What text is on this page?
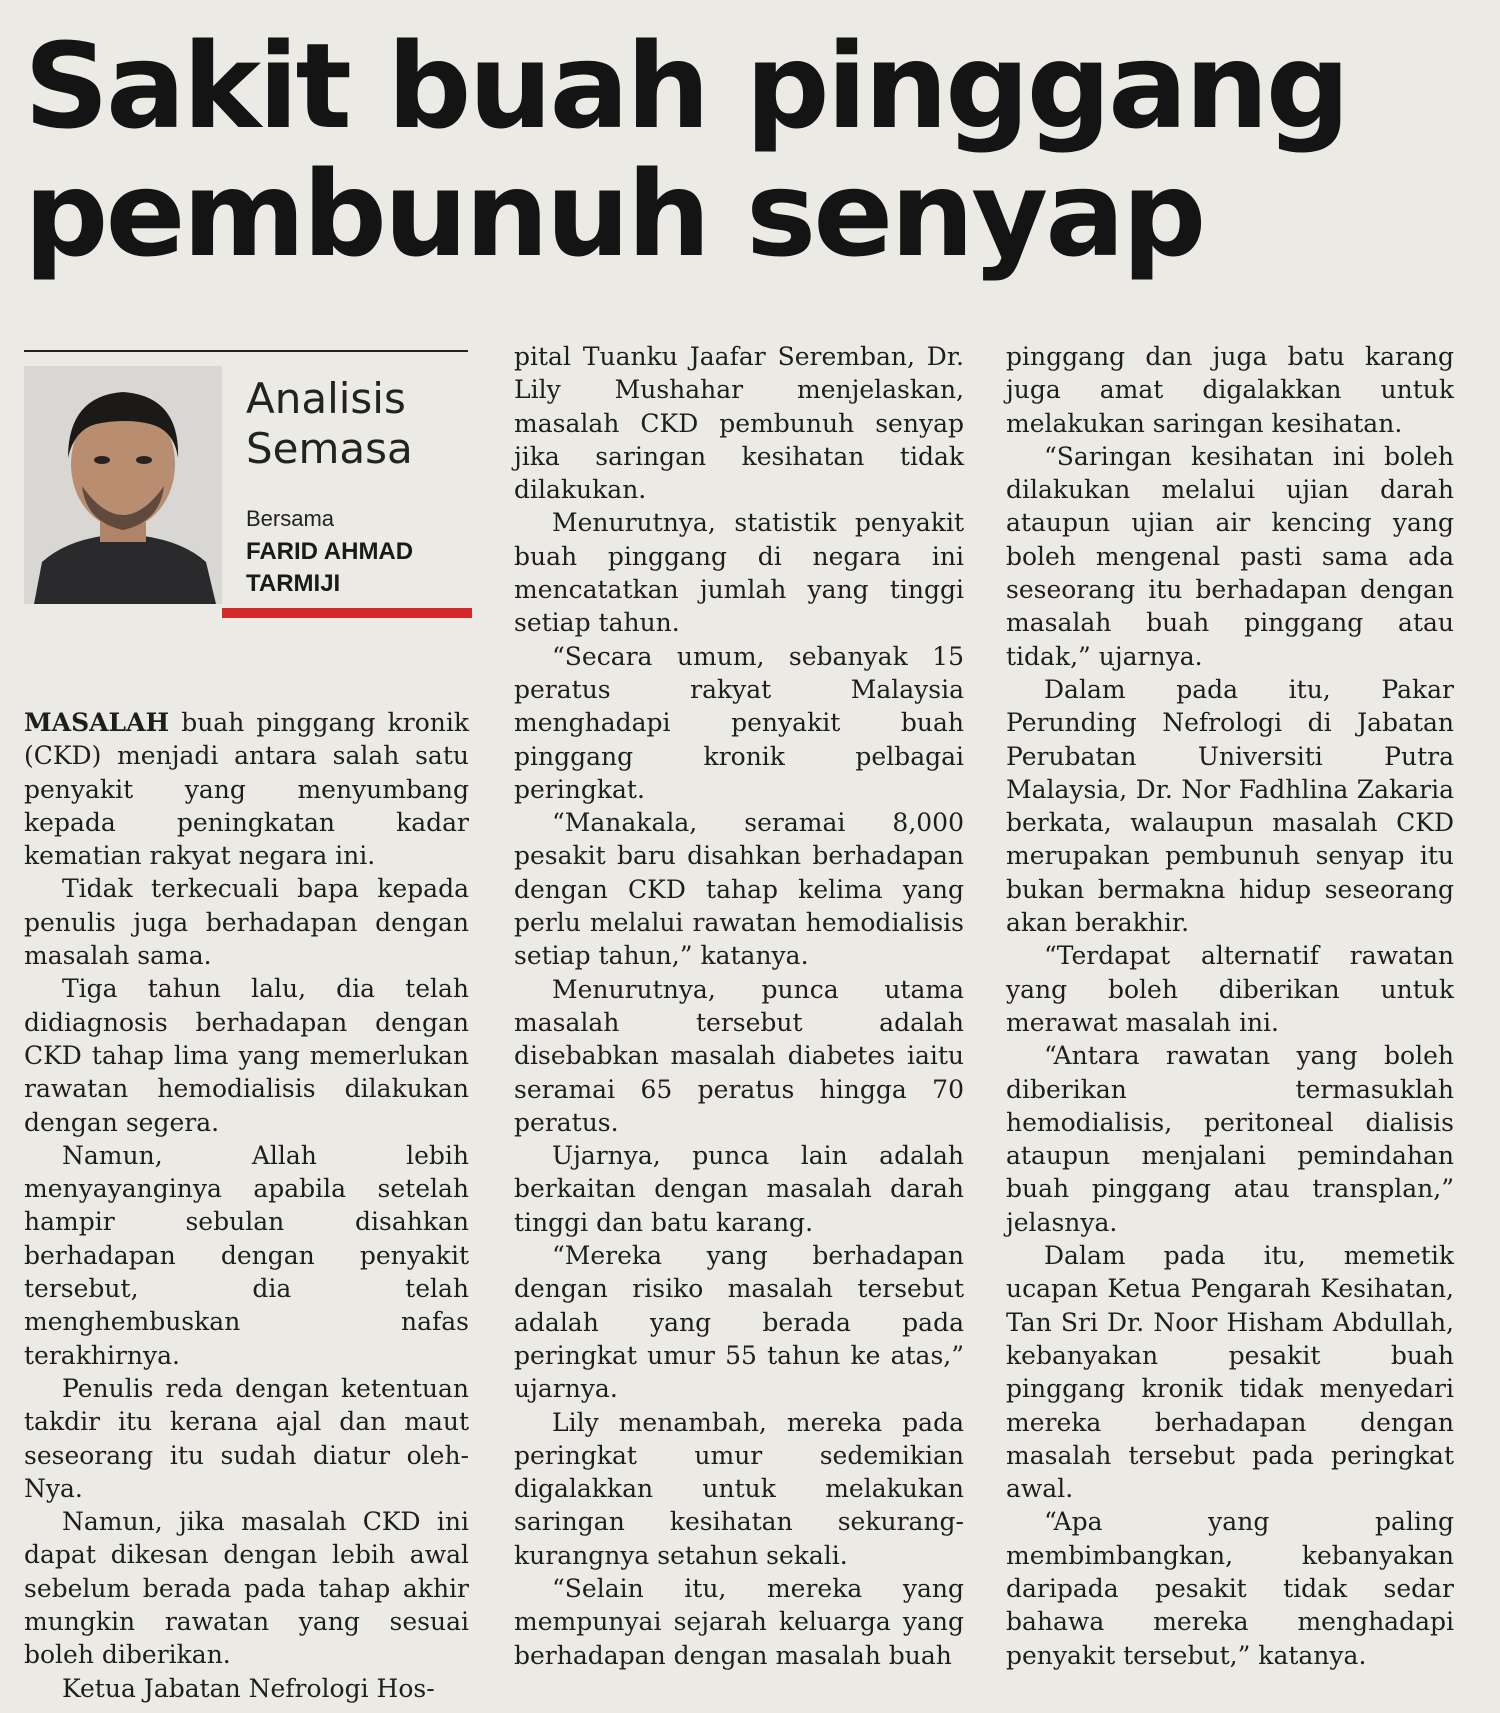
Sakit buah pinggang
pembunuh senyap
Analisis
Semasa
Bersama
FARID AHMAD
TARMIJI

MASALAH buah pinggang kronik (CKD) menjadi antara salah satu penyakit yang menyumbang kepada peningkatan kadar kematian rakyat negara ini.

Tidak terkecuali bapa kepada penulis juga berhadapan dengan masalah sama.

Tiga tahun lalu, dia telah didiagnosis berhadapan dengan CKD tahap lima yang memerlukan rawatan hemodialisis dilakukan dengan segera.

Namun, Allah lebih menyayanginya apabila setelah hampir sebulan disahkan berhadapan dengan penyakit tersebut, dia telah menghembuskan nafas terakhirnya.

Penulis reda dengan ketentuan takdir itu kerana ajal dan maut seseorang itu sudah diatur oleh-Nya.

Namun, jika masalah CKD ini dapat dikesan dengan lebih awal sebelum berada pada tahap akhir mungkin rawatan yang sesuai boleh diberikan.

Ketua Jabatan Nefrologi Hos-

pital Tuanku Jaafar Seremban, Dr. Lily Mushahar menjelaskan, masalah CKD pembunuh senyap jika saringan kesihatan tidak dilakukan.

Menurutnya, statistik penyakit buah pinggang di negara ini mencatatkan jumlah yang tinggi setiap tahun.

“Secara umum, sebanyak 15 peratus rakyat Malaysia menghadapi penyakit buah pinggang kronik pelbagai peringkat.

“Manakala, seramai 8,000 pesakit baru disahkan berhadapan dengan CKD tahap kelima yang perlu melalui rawatan hemodialisis setiap tahun,” katanya.

Menurutnya, punca utama masalah tersebut adalah disebabkan masalah diabetes iaitu seramai 65 peratus hingga 70 peratus.

Ujarnya, punca lain adalah berkaitan dengan masalah darah tinggi dan batu karang.

“Mereka yang berhadapan dengan risiko masalah tersebut adalah yang berada pada peringkat umur 55 tahun ke atas,” ujarnya.

Lily menambah, mereka pada peringkat umur sedemikian digalakkan untuk melakukan saringan kesihatan sekurang-kurangnya setahun sekali.

“Selain itu, mereka yang mempunyai sejarah keluarga yang berhadapan dengan masalah buah

pinggang dan juga batu karang juga amat digalakkan untuk melakukan saringan kesihatan.

“Saringan kesihatan ini boleh dilakukan melalui ujian darah ataupun ujian air kencing yang boleh mengenal pasti sama ada seseorang itu berhadapan dengan masalah buah pinggang atau tidak,” ujarnya.

Dalam pada itu, Pakar Perunding Nefrologi di Jabatan Perubatan Universiti Putra Malaysia, Dr. Nor Fadhlina Zakaria berkata, walaupun masalah CKD merupakan pembunuh senyap itu bukan bermakna hidup seseorang akan berakhir.

“Terdapat alternatif rawatan yang boleh diberikan untuk merawat masalah ini.

“Antara rawatan yang boleh diberikan termasuklah hemodialisis, peritoneal dialisis ataupun menjalani pemindahan buah pinggang atau transplan,” jelasnya.

Dalam pada itu, memetik ucapan Ketua Pengarah Kesihatan, Tan Sri Dr. Noor Hisham Abdullah, kebanyakan pesakit buah pinggang kronik tidak menyedari mereka berhadapan dengan masalah tersebut pada peringkat awal.

“Apa yang paling membimbangkan, kebanyakan daripada pesakit tidak sedar bahawa mereka menghadapi penyakit tersebut,” katanya.
